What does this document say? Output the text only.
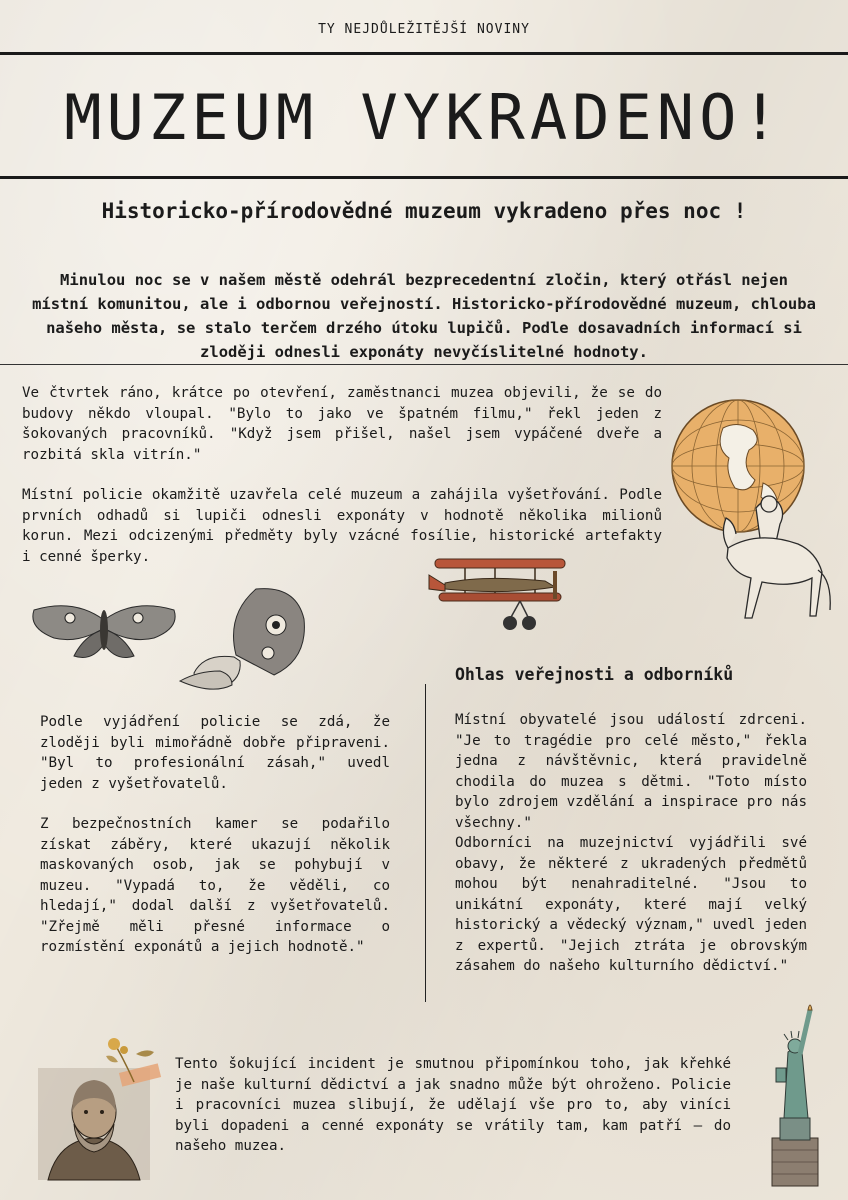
TY NEJDŮLEŽITĚJŠÍ NOVINY
MUZEUM VYKRADENO!
Historicko-přírodovědné muzeum vykradeno přes noc !
Minulou noc se v našem městě odehrál bezprecedentní zločin, který otřásl nejen místní komunitou, ale i odbornou veřejností. Historicko-přírodovědné muzeum, chlouba našeho města, se stalo terčem drzého útoku lupičů. Podle dosavadních informací si zloději odnesli exponáty nevyčíslitelné hodnoty.

Ve čtvrtek ráno, krátce po otevření, zaměstnanci muzea objevili, že se do budovy někdo vloupal. "Bylo to jako ve špatném filmu," řekl jeden z šokovaných pracovníků. "Když jsem přišel, našel jsem vypáčené dveře a rozbitá skla vitrín."

Místní policie okamžitě uzavřela celé muzeum a zahájila vyšetřování. Podle prvních odhadů si lupiči odnesli exponáty v hodnotě několika milionů korun. Mezi odcizenými předměty byly vzácné fosílie, historické artefakty i cenné šperky.

Podle vyjádření policie se zdá, že zloději byli mimořádně dobře připraveni. "Byl to profesionální zásah," uvedl jeden z vyšetřovatelů.

Z bezpečnostních kamer se podařilo získat záběry, které ukazují několik maskovaných osob, jak se pohybují v muzeu. "Vypadá to, že věděli, co hledají," dodal další z vyšetřovatelů. "Zřejmě měli přesné informace o rozmístění exponátů a jejich hodnotě."

Ohlas veřejnosti a odborníků

Místní obyvatelé jsou událostí zdrceni. "Je to tragédie pro celé město," řekla jedna z návštěvnic, která pravidelně chodila do muzea s dětmi. "Toto místo bylo zdrojem vzdělání a inspirace pro nás všechny."

Odborníci na muzejnictví vyjádřili své obavy, že některé z ukradených předmětů mohou být nenahraditelné. "Jsou to unikátní exponáty, které mají velký historický a vědecký význam," uvedl jeden z expertů. "Jejich ztráta je obrovským zásahem do našeho kulturního dědictví."

Tento šokující incident je smutnou připomínkou toho, jak křehké je naše kulturní dědictví a jak snadno může být ohroženo. Policie i pracovníci muzea slibují, že udělají vše pro to, aby viníci byli dopadeni a cenné exponáty se vrátily tam, kam patří – do našeho muzea.
